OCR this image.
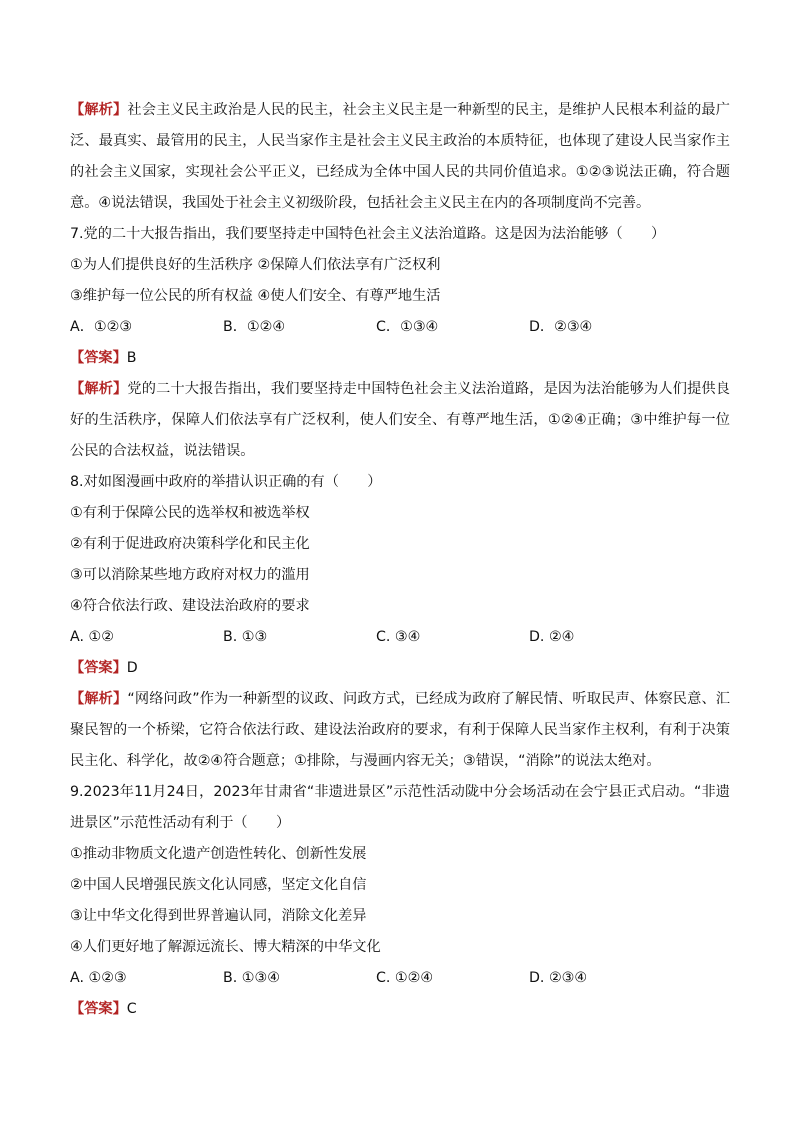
【解析】社会主义民主政治是人民的民主，社会主义民主是一种新型的民主，是维护人民根本利益的最广泛、最真实、最管用的民主，人民当家作主是社会主义民主政治的本质特征，也体现了建设人民当家作主的社会主义国家，实现社会公平正义，已经成为全体中国人民的共同价值追求。①②③说法正确，符合题意。④说法错误，我国处于社会主义初级阶段，包括社会主义民主在内的各项制度尚不完善。

7.党的二十大报告指出，我们要坚持走中国特色社会主义法治道路。这是因为法治能够（　　）

①为人们提供良好的生活秩序 ②保障人们依法享有广泛权利

③维护每一位公民的所有权益 ④使人们安全、有尊严地生活

A．①②③	B．①②④	C．①③④	D．②③④

【答案】B

【解析】党的二十大报告指出，我们要坚持走中国特色社会主义法治道路，是因为法治能够为人们提供良好的生活秩序，保障人们依法享有广泛权利，使人们安全、有尊严地生活，①②④正确；③中维护每一位公民的合法权益，说法错误。

8.对如图漫画中政府的举措认识正确的有（　　）

①有利于保障公民的选举权和被选举权

②有利于促进政府决策科学化和民主化

③可以消除某些地方政府对权力的滥用

④符合依法行政、建设法治政府的要求

A. ①②	B. ①③	C. ③④	D. ②④

【答案】D

【解析】“网络问政”作为一种新型的议政、问政方式，已经成为政府了解民情、听取民声、体察民意、汇聚民智的一个桥梁，它符合依法行政、建设法治政府的要求，有利于保障人民当家作主权利，有利于决策民主化、科学化，故②④符合题意；①排除，与漫画内容无关；③错误，“消除”的说法太绝对。

9.2023年11月24日，2023年甘肃省“非遗进景区”示范性活动陇中分会场活动在会宁县正式启动。“非遗进景区”示范性活动有利于（　　）

①推动非物质文化遗产创造性转化、创新性发展

②中国人民增强民族文化认同感，坚定文化自信

③让中华文化得到世界普遍认同，消除文化差异

④人们更好地了解源远流长、博大精深的中华文化

A. ①②③	B. ①③④	C. ①②④	D. ②③④

【答案】C
